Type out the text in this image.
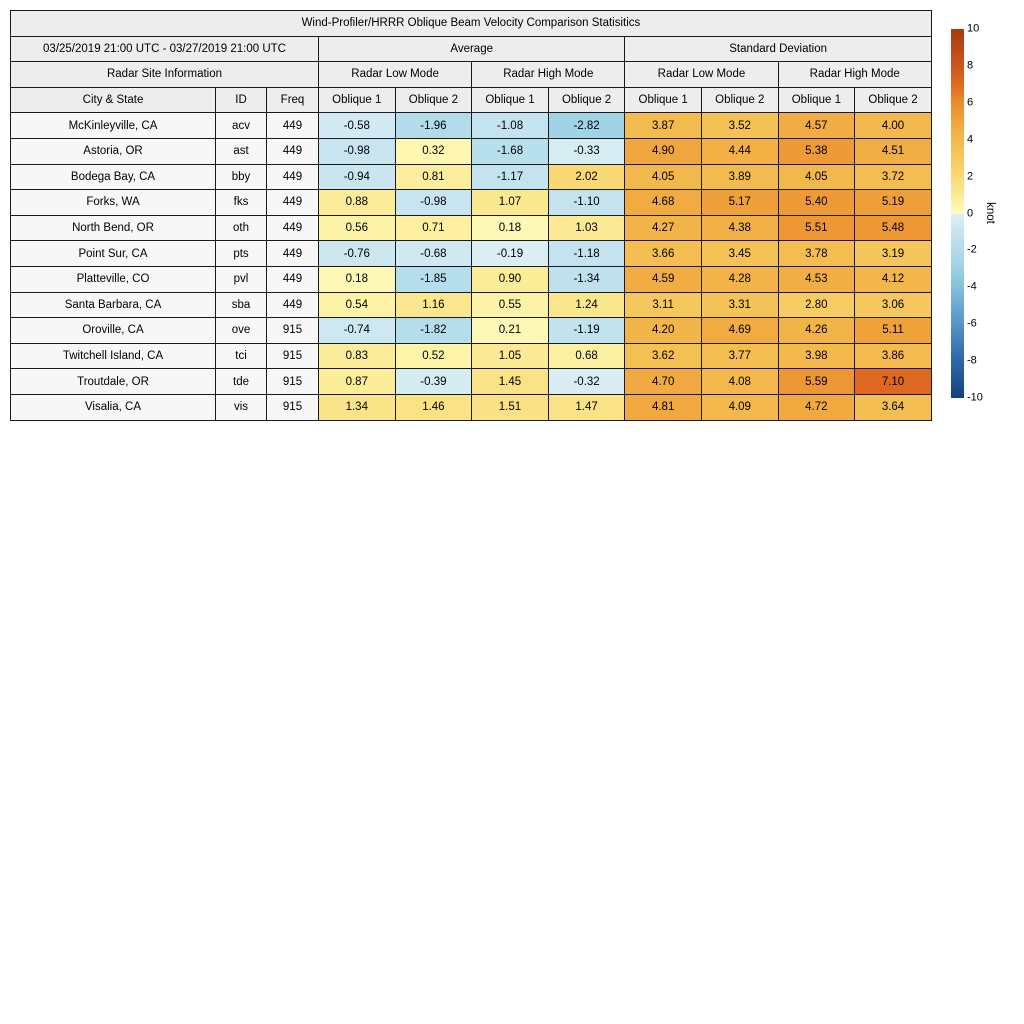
Wind-Profiler/HRRR Oblique Beam Velocity Comparison Statisitics										
03/25/2019 21:00 UTC - 03/27/2019 21:00 UTC			Average				Standard Deviation			
Radar Site Information			Radar Low Mode		Radar High Mode		Radar Low Mode		Radar High Mode	
City & State	ID	Freq	Oblique 1	Oblique 2	Oblique 1	Oblique 2	Oblique 1	Oblique 2	Oblique 1	Oblique 2
McKinleyville, CA	acv	449	-0.58	-1.96	-1.08	-2.82	3.87	3.52	4.57	4.00
Astoria, OR	ast	449	-0.98	0.32	-1.68	-0.33	4.90	4.44	5.38	4.51
Bodega Bay, CA	bby	449	-0.94	0.81	-1.17	2.02	4.05	3.89	4.05	3.72
Forks, WA	fks	449	0.88	-0.98	1.07	-1.10	4.68	5.17	5.40	5.19
North Bend, OR	oth	449	0.56	0.71	0.18	1.03	4.27	4.38	5.51	5.48
Point Sur, CA	pts	449	-0.76	-0.68	-0.19	-1.18	3.66	3.45	3.78	3.19
Platteville, CO	pvl	449	0.18	-1.85	0.90	-1.34	4.59	4.28	4.53	4.12
Santa Barbara, CA	sba	449	0.54	1.16	0.55	1.24	3.11	3.31	2.80	3.06
Oroville, CA	ove	915	-0.74	-1.82	0.21	-1.19	4.20	4.69	4.26	5.11
Twitchell Island, CA	tci	915	0.83	0.52	1.05	0.68	3.62	3.77	3.98	3.86
Troutdale, OR	tde	915	0.87	-0.39	1.45	-0.32	4.70	4.08	5.59	7.10
Visalia, CA	vis	915	1.34	1.46	1.51	1.47	4.81	4.09	4.72	3.64
10
8
6
4
2
0
-2
-4
-6
-8
-10
knot
